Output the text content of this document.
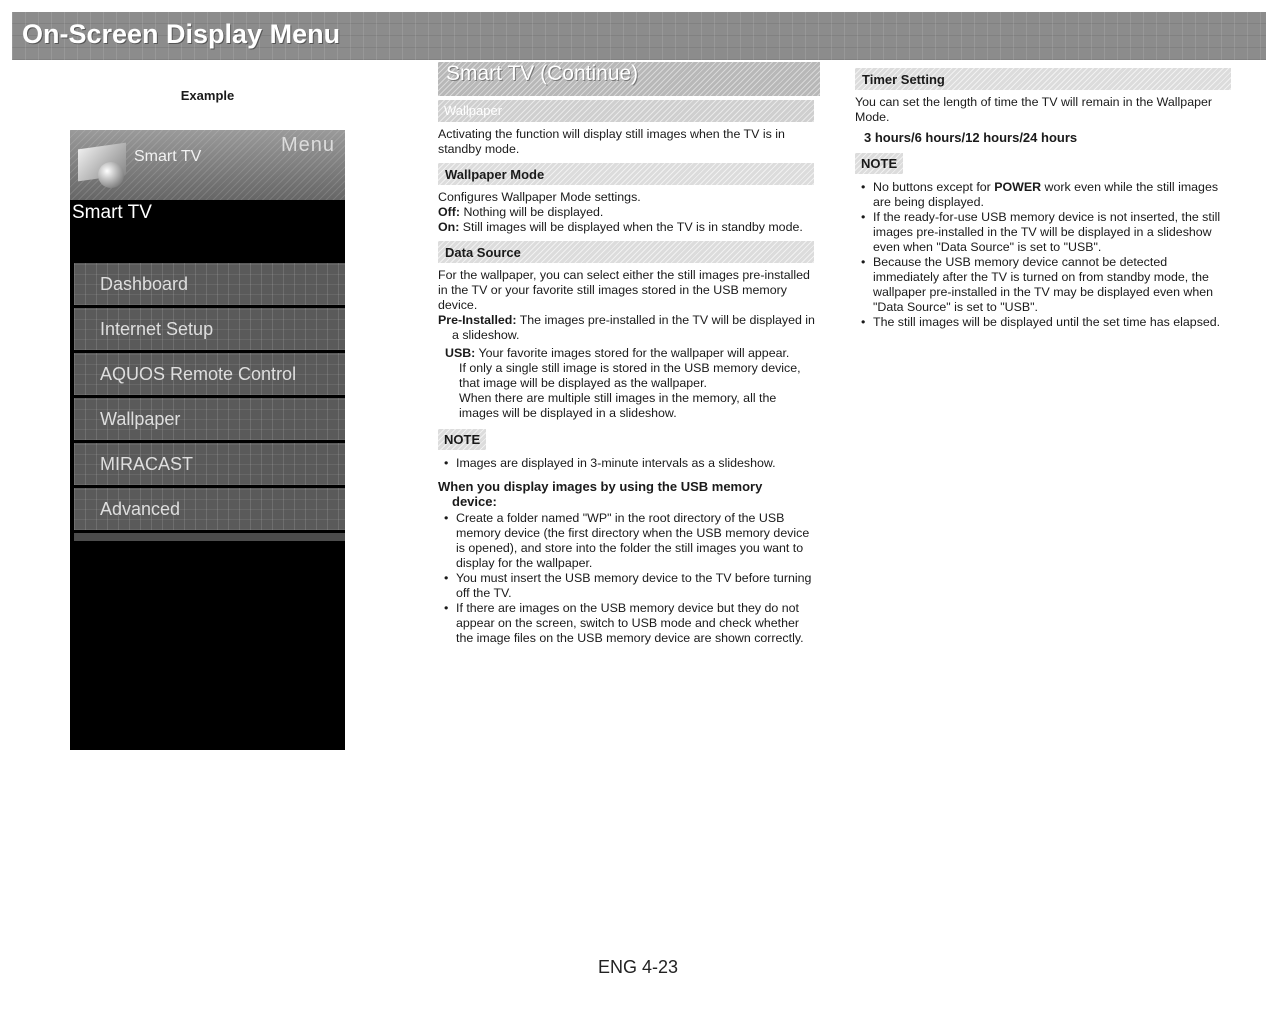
On-Screen Display Menu
Example
Smart TV
Menu
Smart TV
Dashboard
Internet Setup
AQUOS Remote Control
Wallpaper
MIRACAST
Advanced
Smart TV (Continue)
Wallpaper

Activating the function will display still images when the TV is in standby mode.

Wallpaper Mode

Configures Wallpaper Mode settings.

Off: Nothing will be displayed.

On: Still images will be displayed when the TV is in standby mode.

Data Source

For the wallpaper, you can select either the still images pre-installed in the TV or your favorite still images stored in the USB memory device.

Pre-Installed: The images pre-installed in the TV will be displayed in a slideshow.

USB: Your favorite images stored for the wallpaper will appear.

If only a single still image is stored in the USB memory device, that image will be displayed as the wallpaper.

When there are multiple still images in the memory, all the images will be displayed in a slideshow.

NOTE
• Images are displayed in 3-minute intervals as a slideshow.

When you display images by using the USB memory
device:

• Create a folder named "WP" in the root directory of the USB memory device (the first directory when the USB memory device is opened), and store into the folder the still images you want to display for the wallpaper.
• You must insert the USB memory device to the TV before turning off the TV.
• If there are images on the USB memory device but they do not appear on the screen, switch to USB mode and check whether the image files on the USB memory device are shown correctly.
Timer Setting

You can set the length of time the TV will remain in the Wallpaper Mode.

3 hours/6 hours/12 hours/24 hours

NOTE
• No buttons except for POWER work even while the still images are being displayed.
• If the ready-for-use USB memory device is not inserted, the still images pre-installed in the TV will be displayed in a slideshow even when "Data Source" is set to "USB".
• Because the USB memory device cannot be detected immediately after the TV is turned on from standby mode, the wallpaper pre-installed in the TV may be displayed even when "Data Source" is set to "USB".
• The still images will be displayed until the set time has elapsed.
ENG 4-23
